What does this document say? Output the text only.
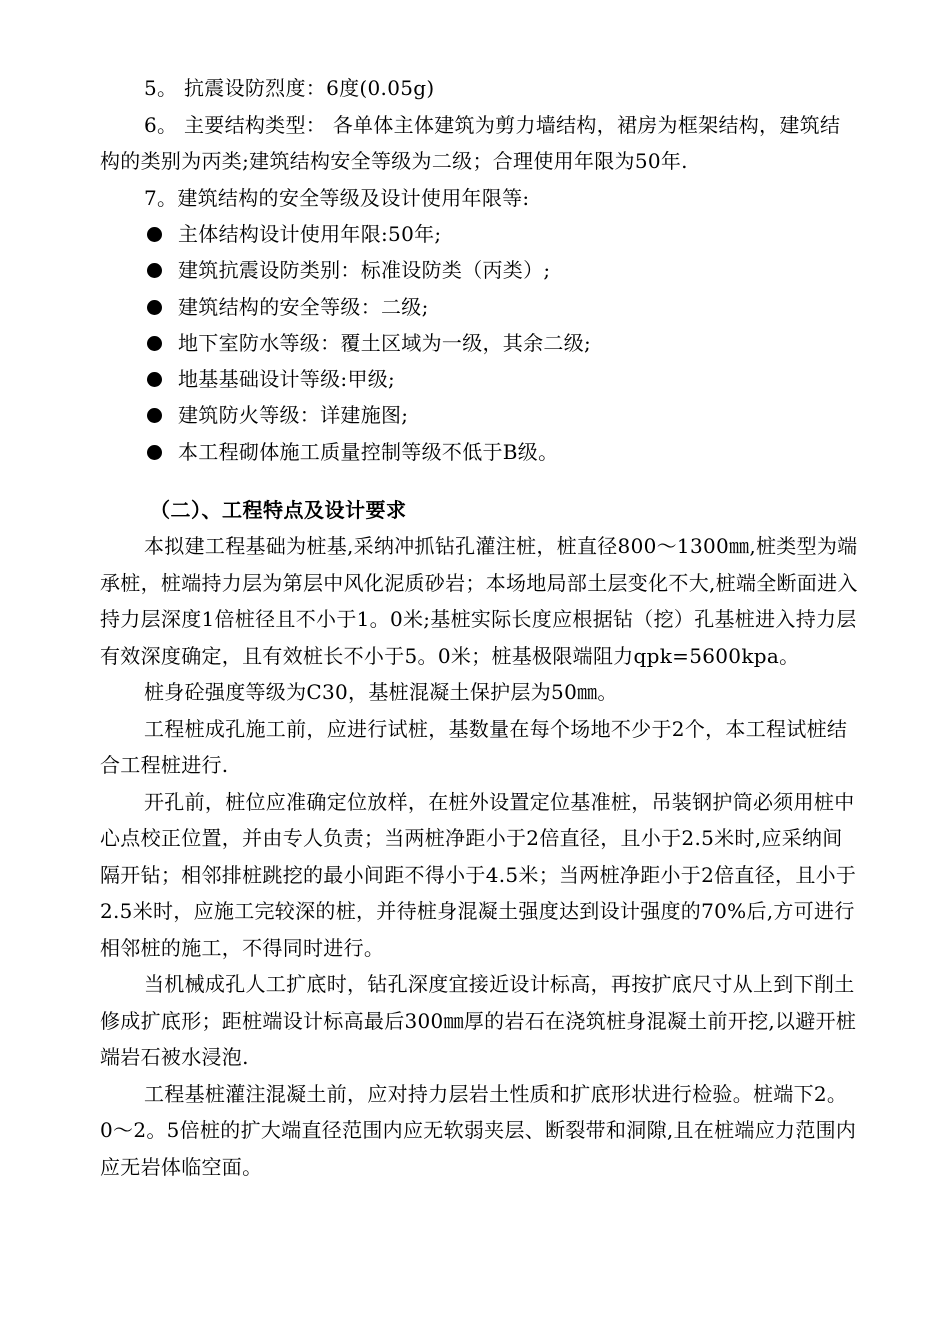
5。 抗震设防烈度：6度(0.05g)

6。 主要结构类型： 各单体主体建筑为剪力墙结构，裙房为框架结构，建筑结构的类别为丙类;建筑结构安全等级为二级；合理使用年限为50年.

7。建筑结构的安全等级及设计使用年限等:

主体结构设计使用年限:50年;
建筑抗震设防类别：标准设防类（丙类）;
建筑结构的安全等级：二级;
地下室防水等级：覆土区域为一级，其余二级;
地基基础设计等级:甲级;
建筑防火等级：详建施图;
本工程砌体施工质量控制等级不低于B级。

（二）、工程特点及设计要求

本拟建工程基础为桩基,采纳冲抓钻孔灌注桩，桩直径800～1300㎜,桩类型为端承桩，桩端持力层为第层中风化泥质砂岩；本场地局部土层变化不大,桩端全断面进入持力层深度1倍桩径且不小于1。0米;基桩实际长度应根据钻（挖）孔基桩进入持力层有效深度确定，且有效桩长不小于5。0米；桩基极限端阻力qpk=5600kpa。

桩身砼强度等级为C30，基桩混凝土保护层为50㎜。

工程桩成孔施工前，应进行试桩，基数量在每个场地不少于2个，本工程试桩结合工程桩进行.

开孔前，桩位应准确定位放样，在桩外设置定位基准桩，吊装钢护筒必须用桩中心点校正位置，并由专人负责；当两桩净距小于2倍直径，且小于2.5米时,应采纳间隔开钻；相邻排桩跳挖的最小间距不得小于4.5米；当两桩净距小于2倍直径，且小于2.5米时，应施工完较深的桩，并待桩身混凝土强度达到设计强度的70%后,方可进行相邻桩的施工，不得同时进行。

当机械成孔人工扩底时，钻孔深度宜接近设计标高，再按扩底尺寸从上到下削土修成扩底形；距桩端设计标高最后300㎜厚的岩石在浇筑桩身混凝土前开挖,以避开桩端岩石被水浸泡.

工程基桩灌注混凝土前，应对持力层岩土性质和扩底形状进行检验。桩端下2。0～2。5倍桩的扩大端直径范围内应无软弱夹层、断裂带和洞隙,且在桩端应力范围内应无岩体临空面。
